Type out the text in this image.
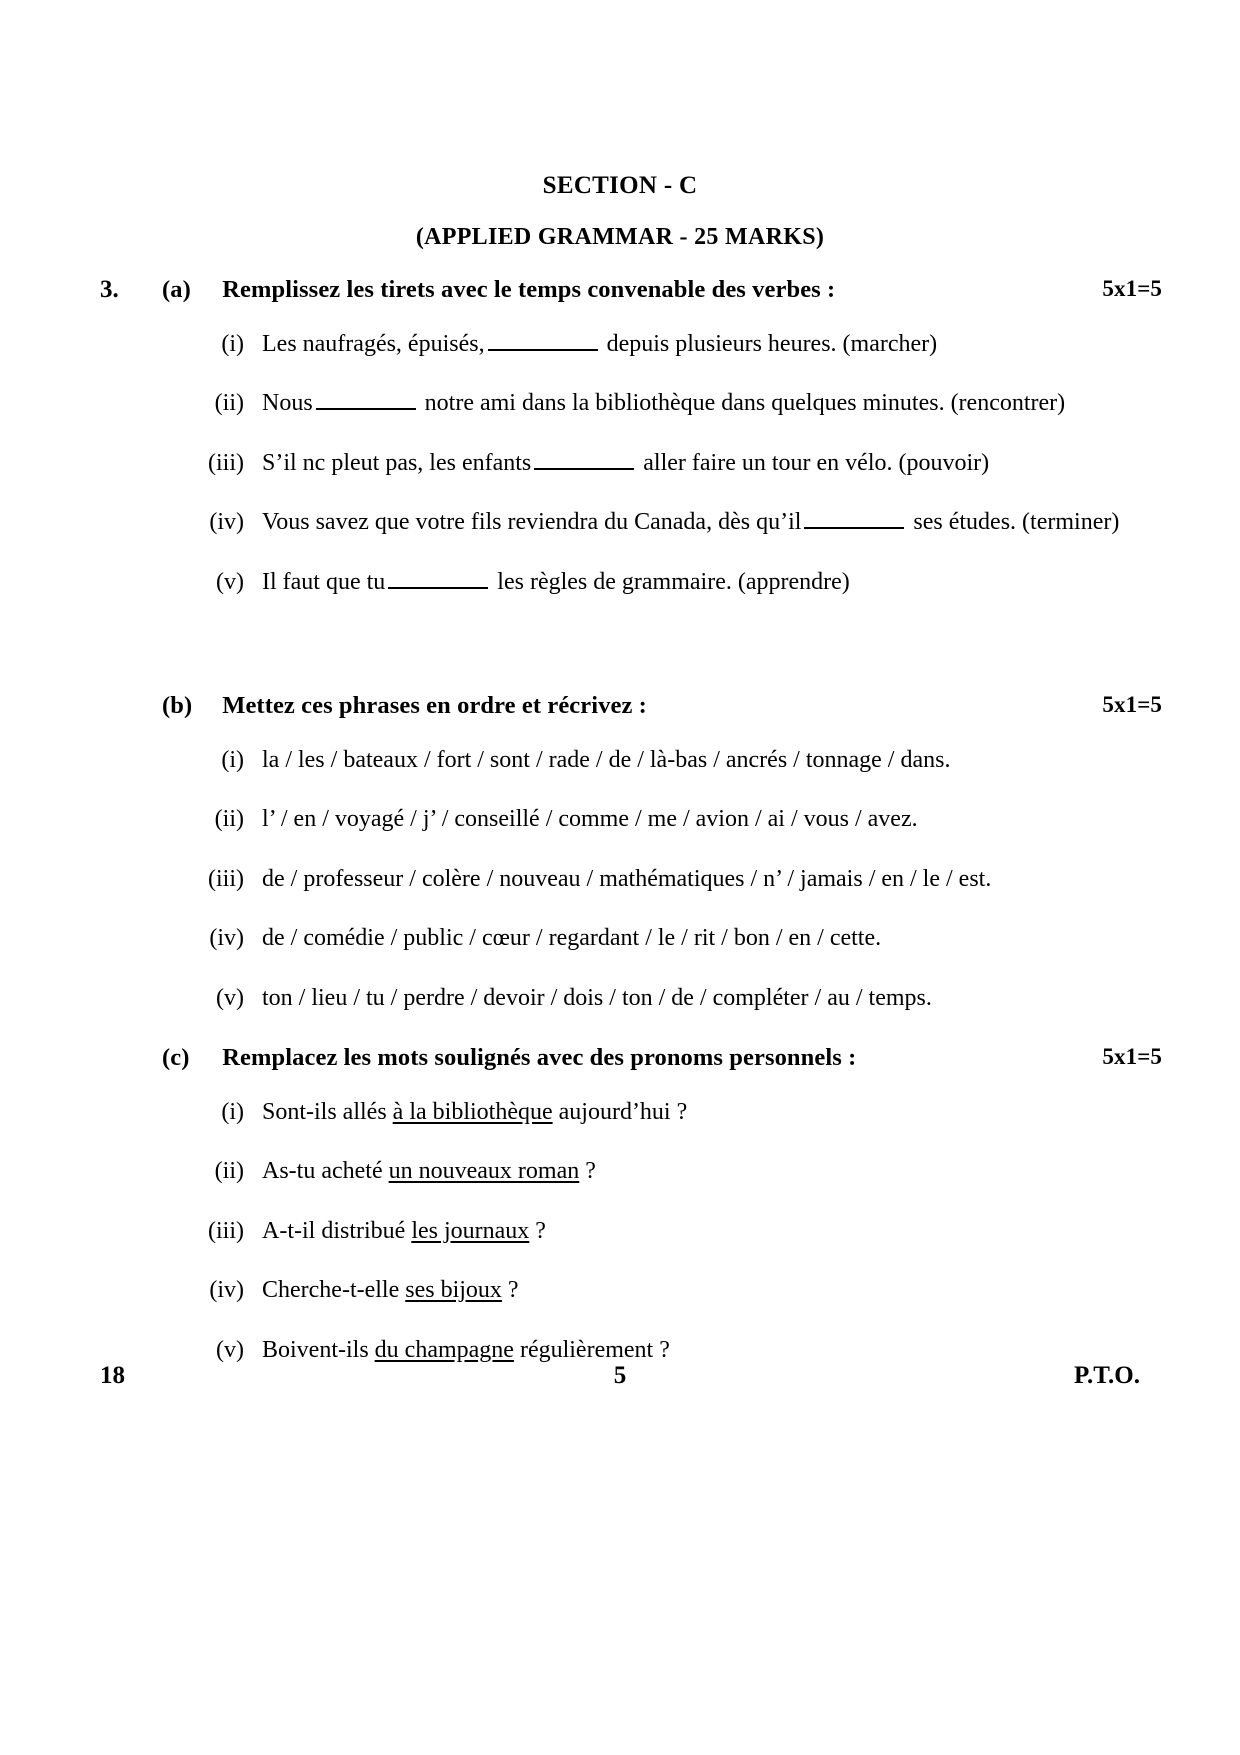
SECTION - C
(APPLIED GRAMMAR - 25 MARKS)
3. (a) Remplissez les tirets avec le temps convenable des verbes :	5x1=5
(i) Les naufragés, épuisés,	depuis plusieurs heures. (marcher)
(ii) Nous	notre ami dans la bibliothèque dans quelques minutes. (rencontrer)
(iii) S’il nc pleut pas, les enfants	aller faire un tour en vélo. (pouvoir)
(iv) Vous savez que votre fils reviendra du Canada, dès qu’il	ses études. (terminer)
(v) Il faut que tu	les règles de grammaire. (apprendre)
(b) Mettez ces phrases en ordre et récrivez :	5x1=5
(i) la / les / bateaux / fort / sont / rade / de / là-bas / ancrés / tonnage / dans.
(ii) l’ / en / voyagé / j’ / conseillé / comme / me / avion / ai / vous / avez.
(iii) de / professeur / colère / nouveau / mathématiques / n’ / jamais / en / le / est.
(iv) de / comédie / public / cœur / regardant / le / rit / bon / en / cette.
(v) ton / lieu / tu / perdre / devoir / dois / ton / de / compléter / au / temps.
(c) Remplacez les mots soulignés avec des pronoms personnels :	5x1=5
(i) Sont-ils allés à la bibliothèque aujourd’hui ?
(ii) As-tu acheté un nouveaux roman ?
(iii) A-t-il distribué les journaux ?
(iv) Cherche-t-elle ses bijoux ?
(v) Boivent-ils du champagne régulièrement ?
18	5	P.T.O.
